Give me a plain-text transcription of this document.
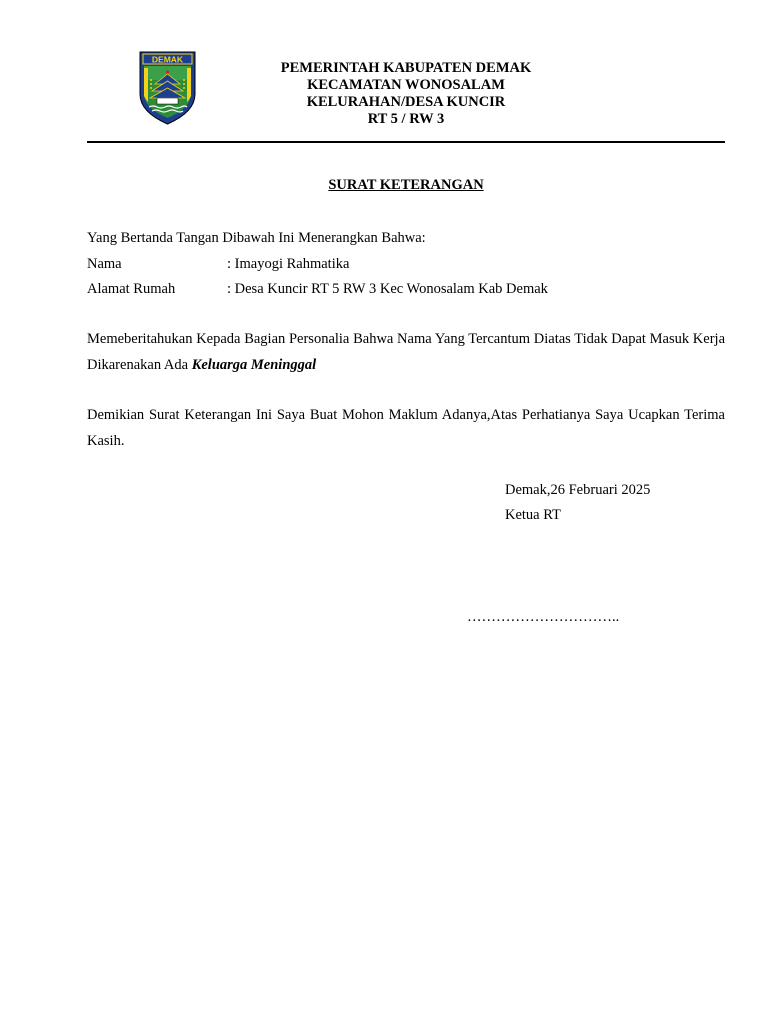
DEMAK
PEMERINTAH KABUPATEN DEMAK
KECAMATAN WONOSALAM
KELURAHAN/DESA KUNCIR
RT 5 / RW 3
SURAT KETERANGAN
Yang Bertanda Tangan Dibawah Ini Menerangkan Bahwa:
Nama	: Imayogi Rahmatika
Alamat Rumah	: Desa Kuncir RT 5 RW 3 Kec Wonosalam Kab Demak
Memeberitahukan Kepada Bagian Personalia Bahwa Nama Yang Tercantum Diatas Tidak Dapat Masuk Kerja Dikarenakan Ada Keluarga Meninggal
Demikian Surat Keterangan Ini Saya Buat Mohon Maklum Adanya,Atas Perhatianya Saya Ucapkan Terima Kasih.
Demak,26 Februari 2025
Ketua RT
…………………………..
